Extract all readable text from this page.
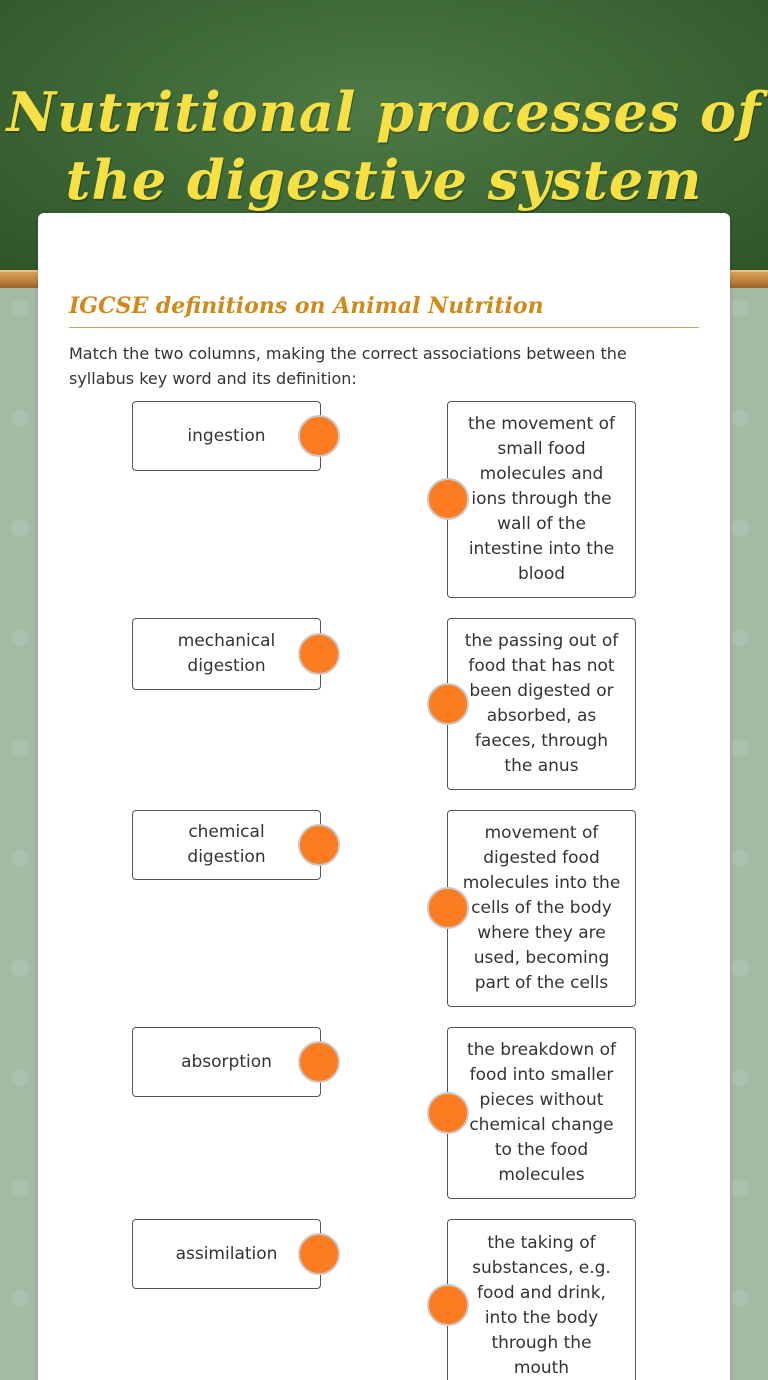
Nutritional processes of
the digestive system
IGCSE definitions on Animal Nutrition

Match the two columns, making the correct associations between the syllabus key word and its definition:

ingestion
mechanical digestion
chemical digestion
absorption
assimilation
the movement of small food molecules and ions through the wall of the intestine into the blood
the passing out of food that has not been digested or absorbed, as faeces, through the anus
movement of digested food molecules into the cells of the body where they are used, becoming part of the cells
the breakdown of food into smaller pieces without chemical change to the food molecules
the taking of substances, e.g. food and drink, into the body through the mouth
